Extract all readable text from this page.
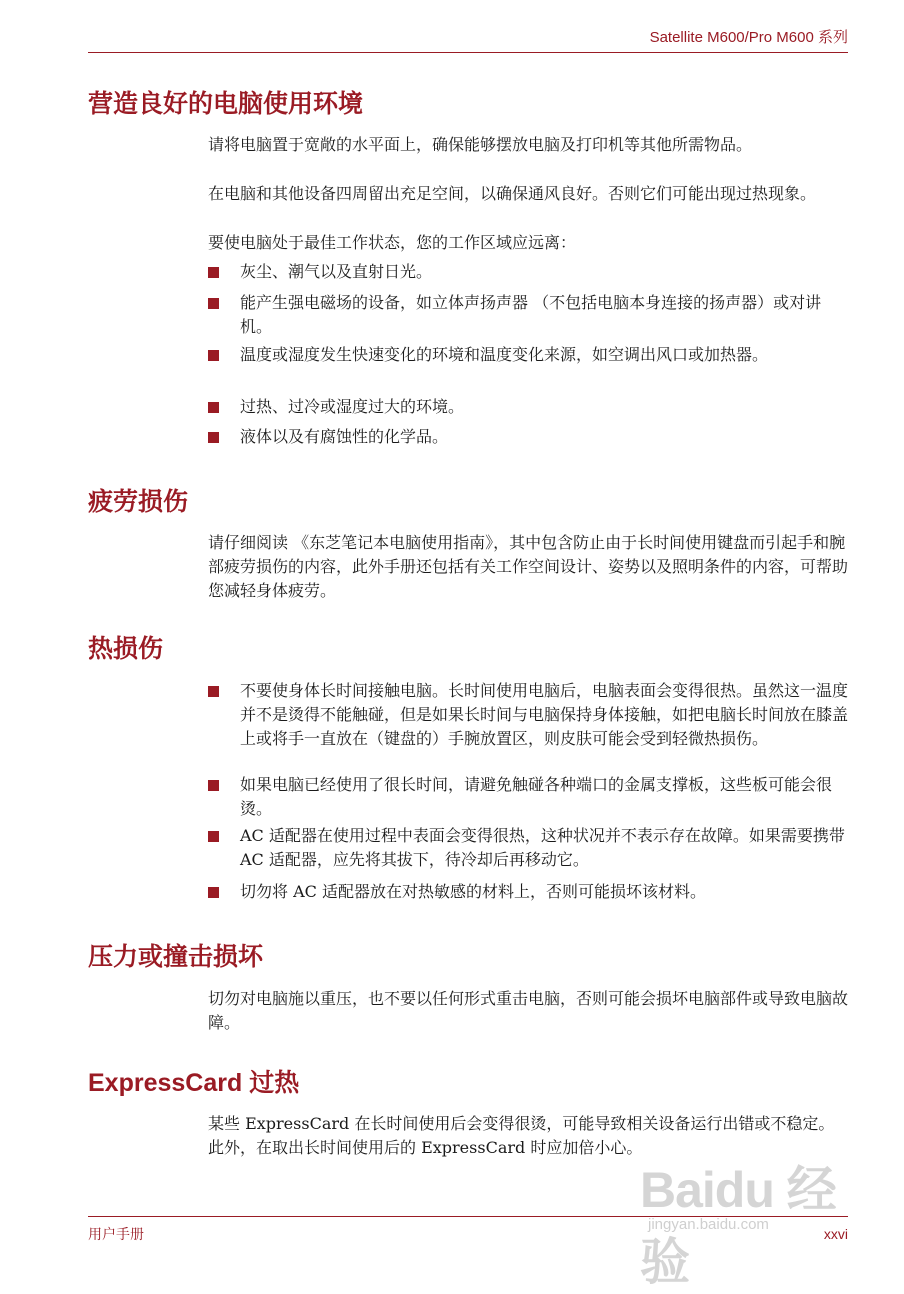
Satellite M600/Pro M600 系列
营造良好的电脑使用环境

请将电脑置于宽敞的水平面上，确保能够摆放电脑及打印机等其他所需物品。

在电脑和其他设备四周留出充足空间，以确保通风良好。否则它们可能出现过热现象。

要使电脑处于最佳工作状态，您的工作区域应远离：

灰尘、潮气以及直射日光。
能产生强电磁场的设备，如立体声扬声器 （不包括电脑本身连接的扬声器）或对讲机。
温度或湿度发生快速变化的环境和温度变化来源，如空调出风口或加热器。
过热、过冷或湿度过大的环境。
液体以及有腐蚀性的化学品。
疲劳损伤

请仔细阅读 《东芝笔记本电脑使用指南》，其中包含防止由于长时间使用键盘而引起手和腕部疲劳损伤的内容，此外手册还包括有关工作空间设计、姿势以及照明条件的内容，可帮助您减轻身体疲劳。

热损伤
不要使身体长时间接触电脑。长时间使用电脑后，电脑表面会变得很热。虽然这一温度并不是烫得不能触碰，但是如果长时间与电脑保持身体接触，如把电脑长时间放在膝盖上或将手一直放在（键盘的）手腕放置区，则皮肤可能会受到轻微热损伤。
如果电脑已经使用了很长时间，请避免触碰各种端口的金属支撑板，这些板可能会很烫。
AC 适配器在使用过程中表面会变得很热，这种状况并不表示存在故障。如果需要携带 AC 适配器，应先将其拔下，待冷却后再移动它。
切勿将 AC 适配器放在对热敏感的材料上，否则可能损坏该材料。
压力或撞击损坏

切勿对电脑施以重压，也不要以任何形式重击电脑，否则可能会损坏电脑部件或导致电脑故障。

ExpressCard 过热

某些 ExpressCard 在长时间使用后会变得很烫，可能导致相关设备运行出错或不稳定。此外，在取出长时间使用后的 ExpressCard 时应加倍小心。

Baidu 经验
jingyan.baidu.com
用户手册	xxvi
